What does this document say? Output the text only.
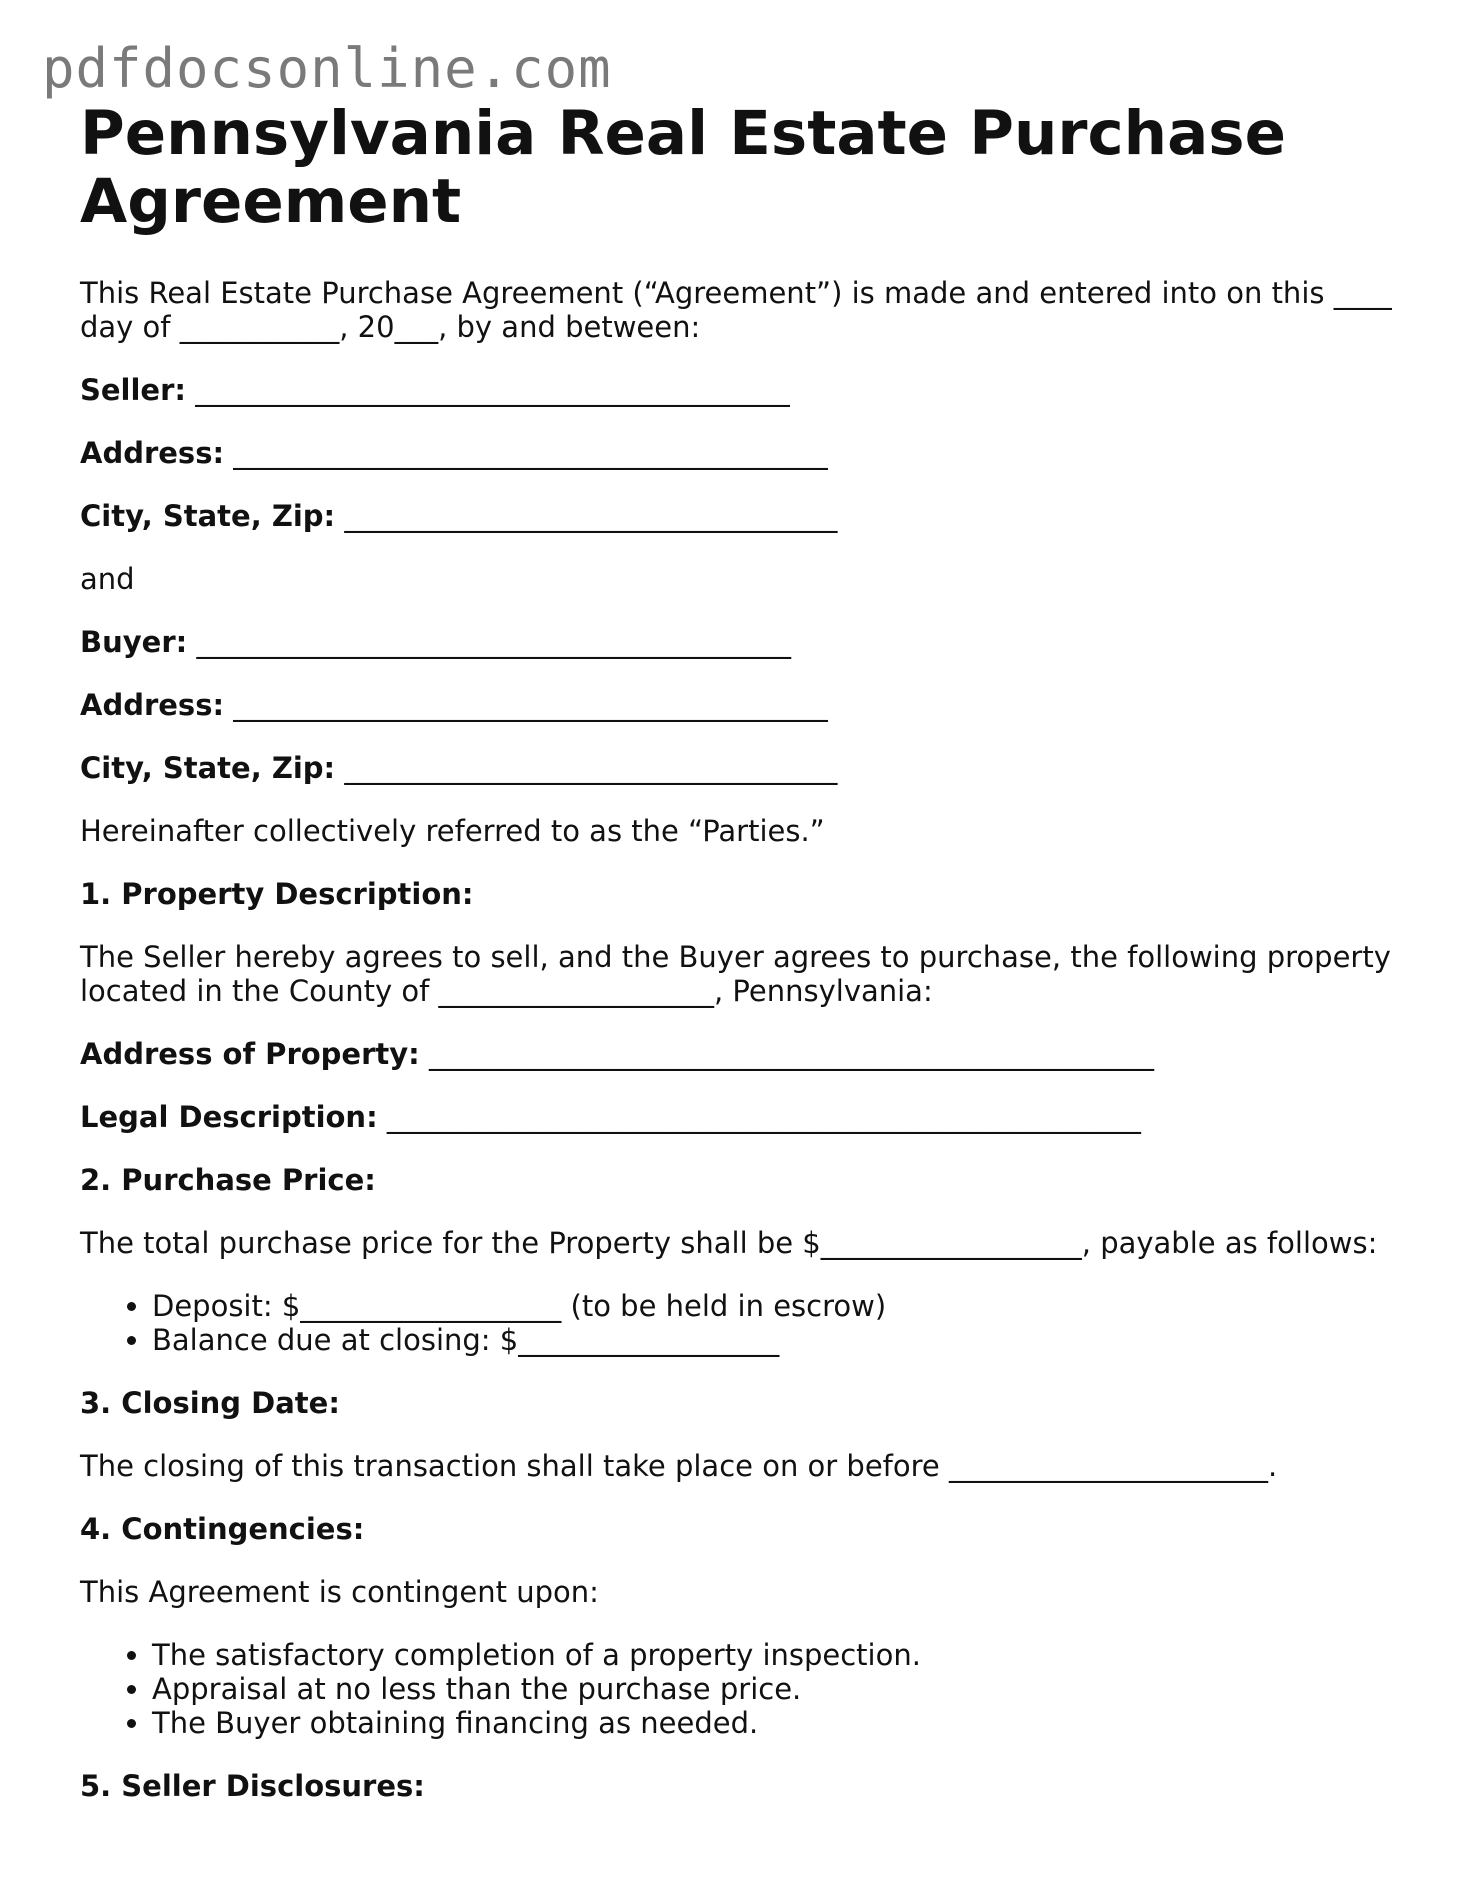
pdfdocsonline.com
Pennsylvania Real Estate Purchase Agreement

This Real Estate Purchase Agreement (“Agreement”) is made and entered into on this ____ day of ___________, 20___, by and between:

Seller: _________________________________________

Address: _________________________________________

City, State, Zip: __________________________________

and

Buyer: _________________________________________

Address: _________________________________________

City, State, Zip: __________________________________

Hereinafter collectively referred to as the “Parties.”

1. Property Description:

The Seller hereby agrees to sell, and the Buyer agrees to purchase, the following property located in the County of ___________________, Pennsylvania:

Address of Property: __________________________________________________

Legal Description: ____________________________________________________

2. Purchase Price:

The total purchase price for the Property shall be $__________________, payable as follows:

• Deposit: $__________________ (to be held in escrow)
• Balance due at closing: $__________________

3. Closing Date:

The closing of this transaction shall take place on or before ______________________.

4. Contingencies:

This Agreement is contingent upon:

• The satisfactory completion of a property inspection.
• Appraisal at no less than the purchase price.
• The Buyer obtaining financing as needed.

5. Seller Disclosures:
